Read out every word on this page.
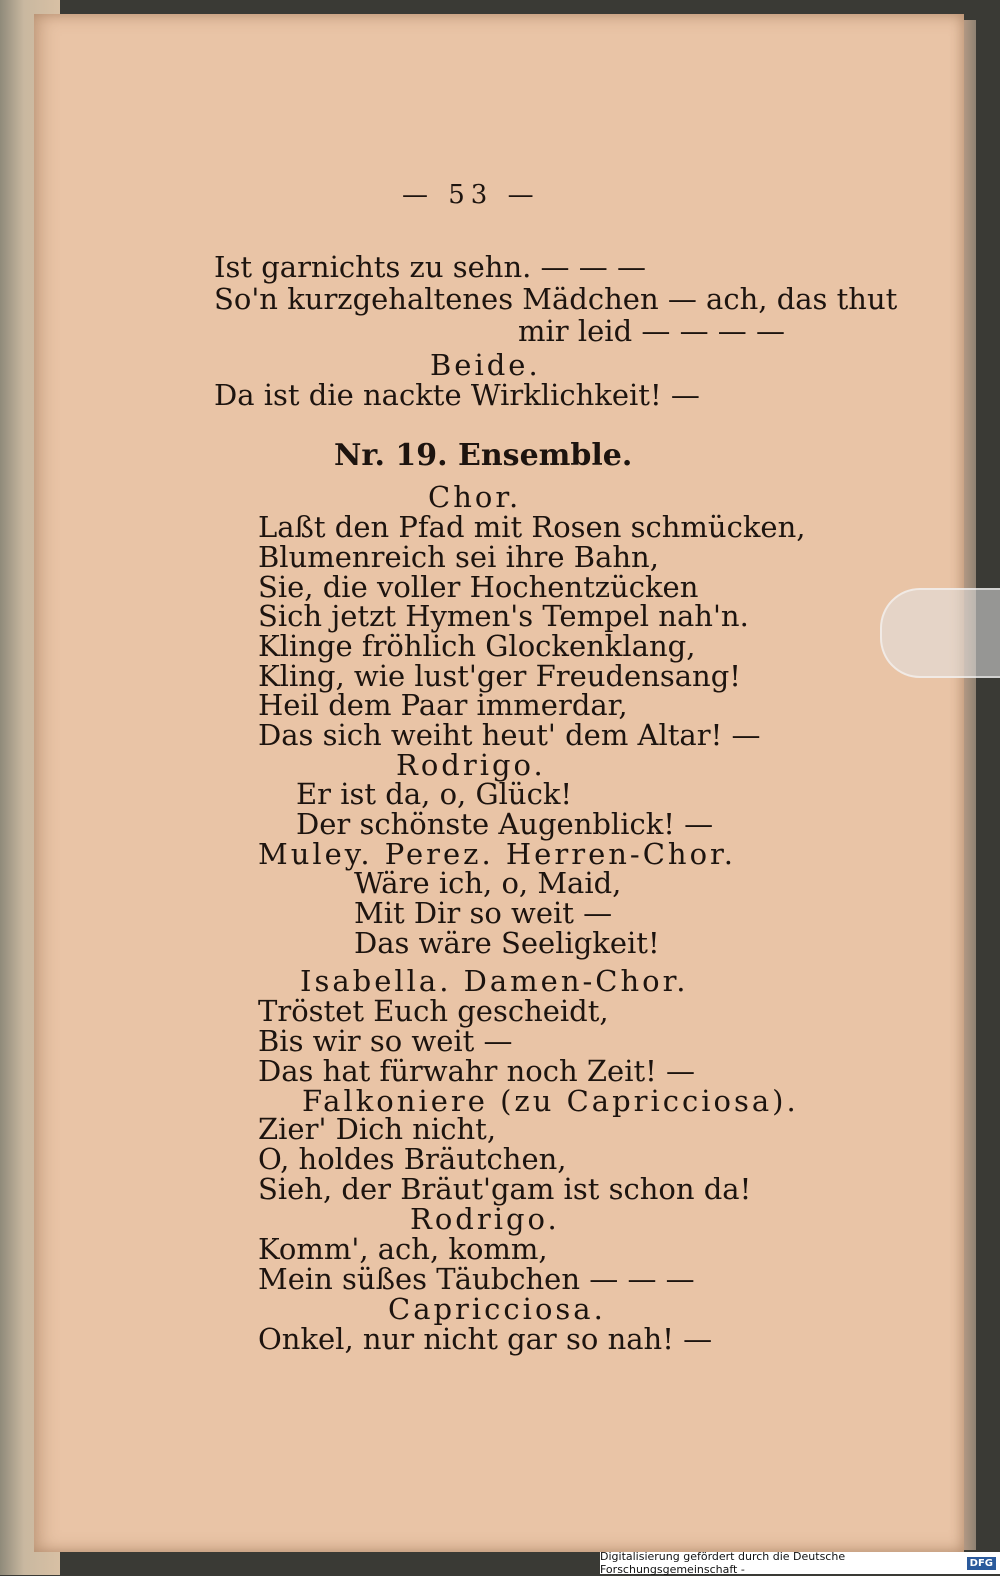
— 53 —
Ist garnichts zu sehn. — — —
So'n kurzgehaltenes Mädchen — ach, das thut
mir leid — — — —
Beide.
Da ist die nackte Wirklichkeit! —
Nr. 19. Ensemble.
Chor.
Laßt den Pfad mit Rosen schmücken,
Blumenreich sei ihre Bahn,
Sie, die voller Hochentzücken
Sich jetzt Hymen's Tempel nah'n.
Klinge fröhlich Glockenklang,
Kling, wie lust'ger Freudensang!
Heil dem Paar immerdar,
Das sich weiht heut' dem Altar! —
Rodrigo.
Er ist da, o, Glück!
Der schönste Augenblick! —
Muley. Perez. Herren-Chor.
Wäre ich, o, Maid,
Mit Dir so weit —
Das wäre Seeligkeit!
Isabella. Damen-Chor.
Tröstet Euch gescheidt,
Bis wir so weit —
Das hat fürwahr noch Zeit! —
Falkoniere (zu Capricciosa).
Zier' Dich nicht,
O, holdes Bräutchen,
Sieh, der Bräut'gam ist schon da!
Rodrigo.
Komm', ach, komm,
Mein süßes Täubchen — — —
Capricciosa.
Onkel, nur nicht gar so nah! —
Digitalisierung gefördert durch die Deutsche Forschungsgemeinschaft -	DFG
